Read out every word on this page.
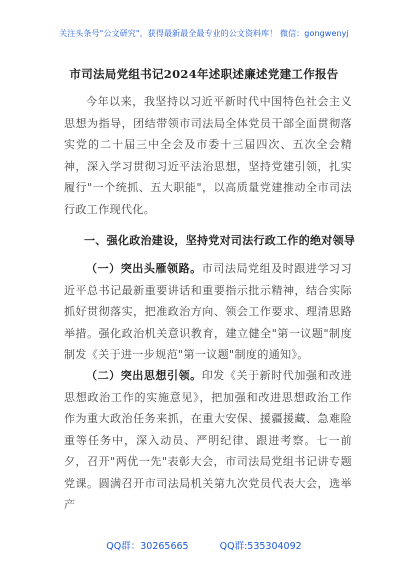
关注头条号"公文研究"，获得最新最全最专业的公文资料库！ 微信：gongwenyj
市司法局党组书记2024年述职述廉述党建工作报告
今年以来，我坚持以习近平新时代中国特色社会主义思想为指导，团结带领市司法局全体党员干部全面贯彻落实党的二十届三中全会及市委十三届四次、五次全会精神，深入学习贯彻习近平法治思想，坚持党建引领，扎实履行"一个统抓、五大职能"，以高质量党建推动全市司法行政工作现代化。
一、强化政治建设，坚持党对司法行政工作的绝对领导
（一）突出头雁领路。市司法局党组及时跟进学习习近平总书记最新重要讲话和重要指示批示精神，结合实际抓好贯彻落实，把准政治方向、领会工作要求、理清思路举措。强化政治机关意识教育，建立健全"第一议题"制度制发《关于进一步规范"第一议题"制度的通知》。
（二）突出思想引领。印发《关于新时代加强和改进思想政治工作的实施意见》，把加强和改进思想政治工作作为重大政治任务来抓，在重大安保、援疆援藏、急难险重等任务中，深入动员、严明纪律、跟进考察。七一前夕，召开"两优一先"表彰大会，市司法局党组书记讲专题党课。圆满召开市司法局机关第九次党员代表大会，选举产
QQ群：30265665	QQ群:535304092
